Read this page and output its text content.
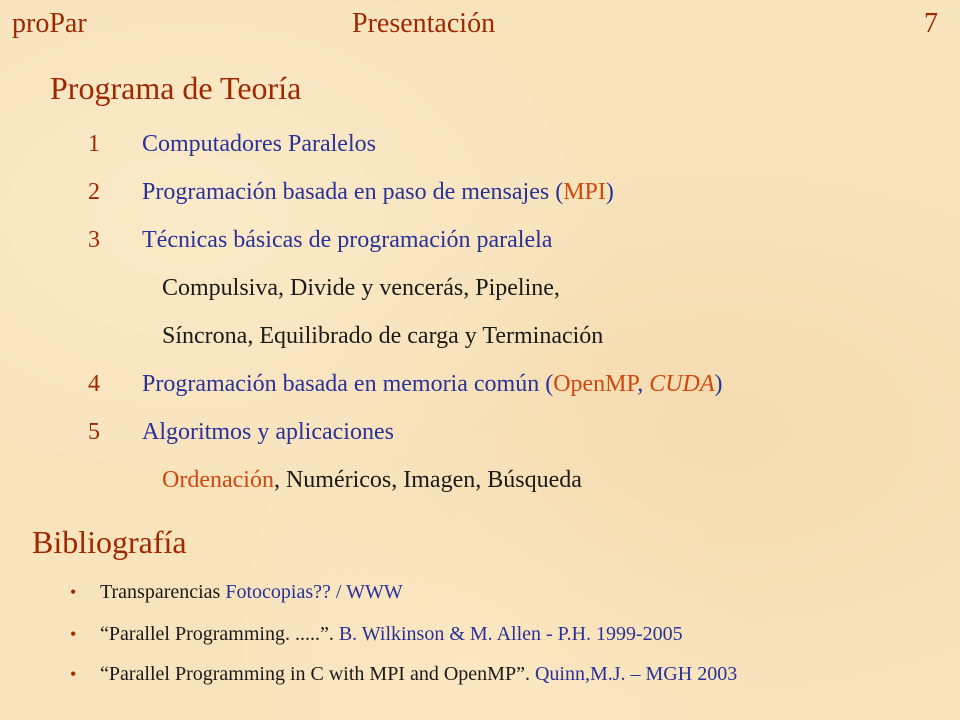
proPar	Presentación	7
Programa de Teoría
1	Computadores Paralelos
2	Programación basada en paso de mensajes (MPI)
3	Técnicas básicas de programación paralela
Compulsiva, Divide y vencerás, Pipeline,
Síncrona, Equilibrado de carga y Terminación
4	Programación basada en memoria común (OpenMP, CUDA)
5	Algoritmos y aplicaciones
Ordenación, Numéricos, Imagen, Búsqueda
Bibliografía
• Transparencias Fotocopias?? / WWW
• “Parallel Programming. .....”. B. Wilkinson & M. Allen - P.H. 1999-2005
• “Parallel Programming in C with MPI and OpenMP”. Quinn,M.J. – MGH 2003
